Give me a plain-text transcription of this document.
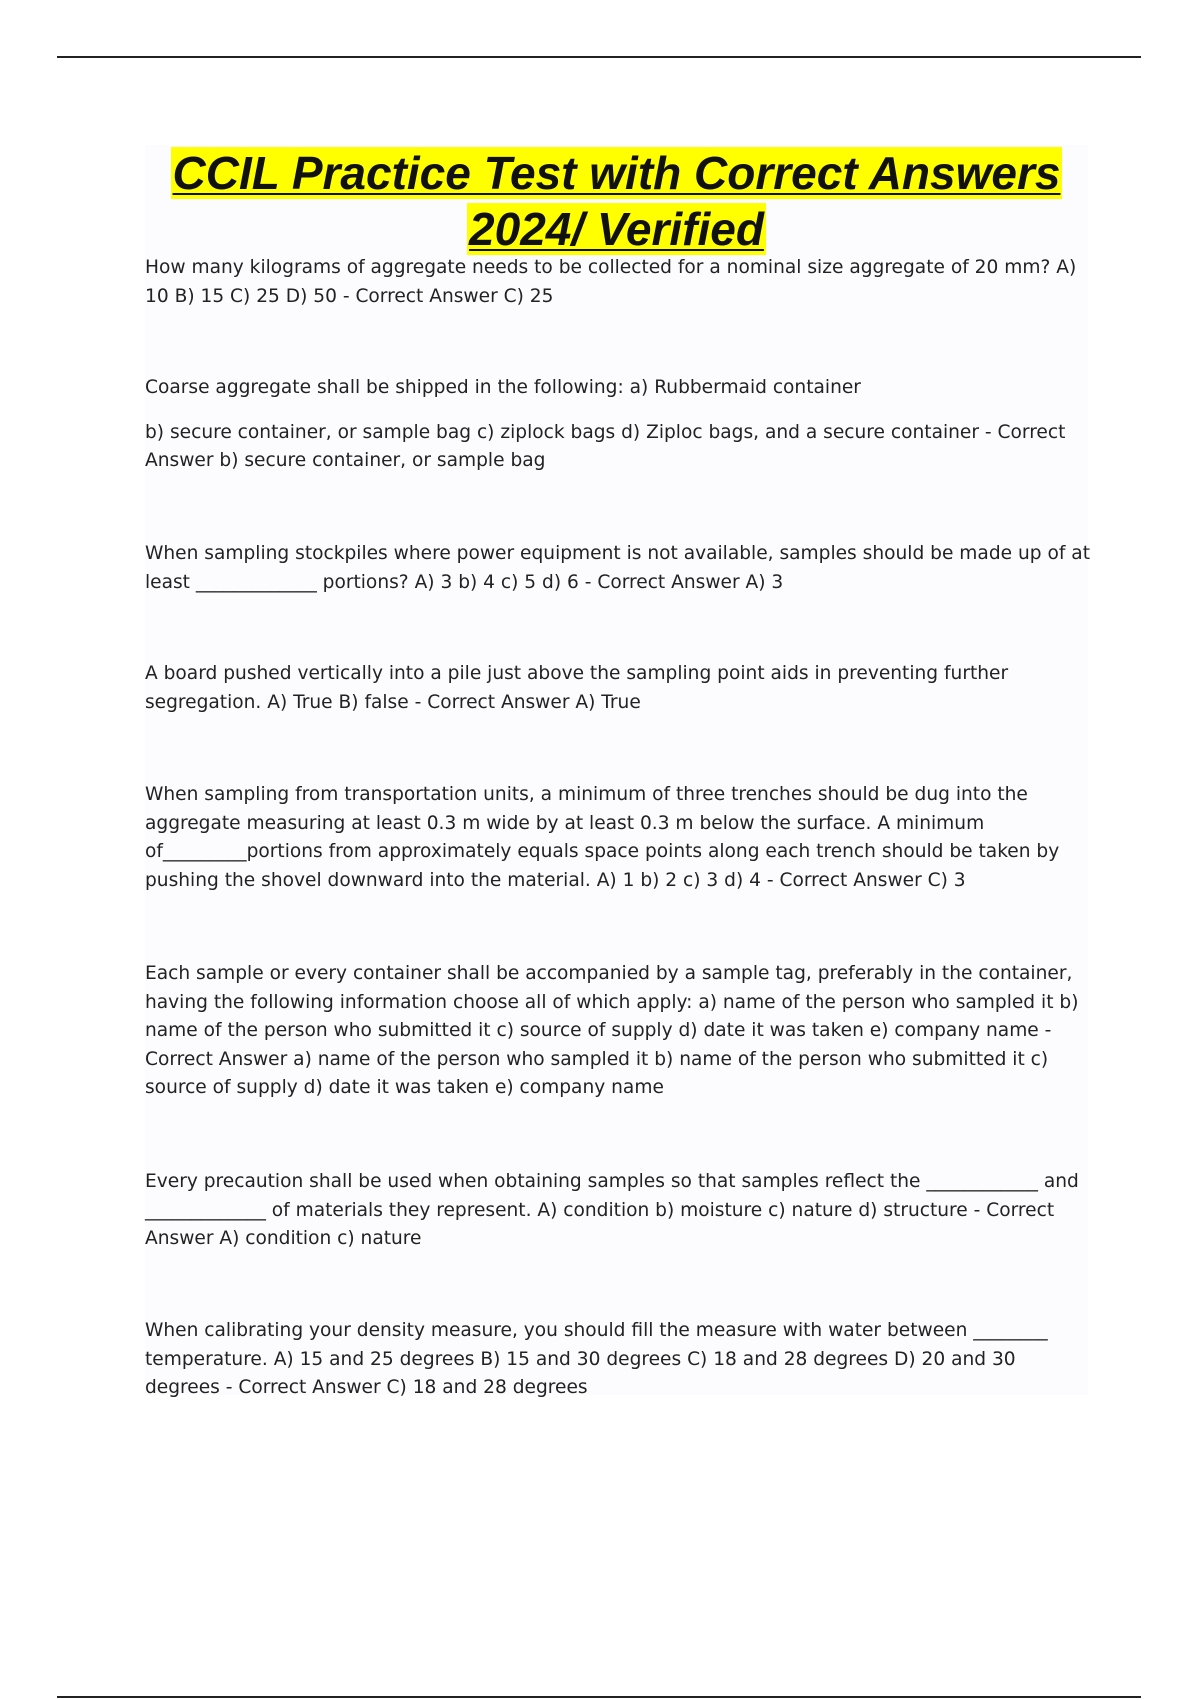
CCIL Practice Test with Correct Answers
2024/ Verified

How many kilograms of aggregate needs to be collected for a nominal size aggregate of 20 mm? A) 10 B) 15 C) 25 D) 50 - Correct Answer C) 25

Coarse aggregate shall be shipped in the following: a) Rubbermaid container

b) secure container, or sample bag c) ziplock bags d) Ziploc bags, and a secure container - Correct Answer b) secure container, or sample bag

When sampling stockpiles where power equipment is not available, samples should be made up of at least _____________ portions? A) 3 b) 4 c) 5 d) 6 - Correct Answer A) 3

A board pushed vertically into a pile just above the sampling point aids in preventing further segregation. A) True B) false - Correct Answer A) True

When sampling from transportation units, a minimum of three trenches should be dug into the aggregate measuring at least 0.3 m wide by at least 0.3 m below the surface. A minimum of_________portions from approximately equals space points along each trench should be taken by pushing the shovel downward into the material. A) 1 b) 2 c) 3 d) 4 - Correct Answer C) 3

Each sample or every container shall be accompanied by a sample tag, preferably in the container, having the following information choose all of which apply: a) name of the person who sampled it b) name of the person who submitted it c) source of supply d) date it was taken e) company name - Correct Answer a) name of the person who sampled it b) name of the person who submitted it c) source of supply d) date it was taken e) company name

Every precaution shall be used when obtaining samples so that samples reflect the ____________ and _____________ of materials they represent. A) condition b) moisture c) nature d) structure - Correct Answer A) condition c) nature

When calibrating your density measure, you should fill the measure with water between ________ temperature. A) 15 and 25 degrees B) 15 and 30 degrees C) 18 and 28 degrees D) 20 and 30 degrees - Correct Answer C) 18 and 28 degrees
